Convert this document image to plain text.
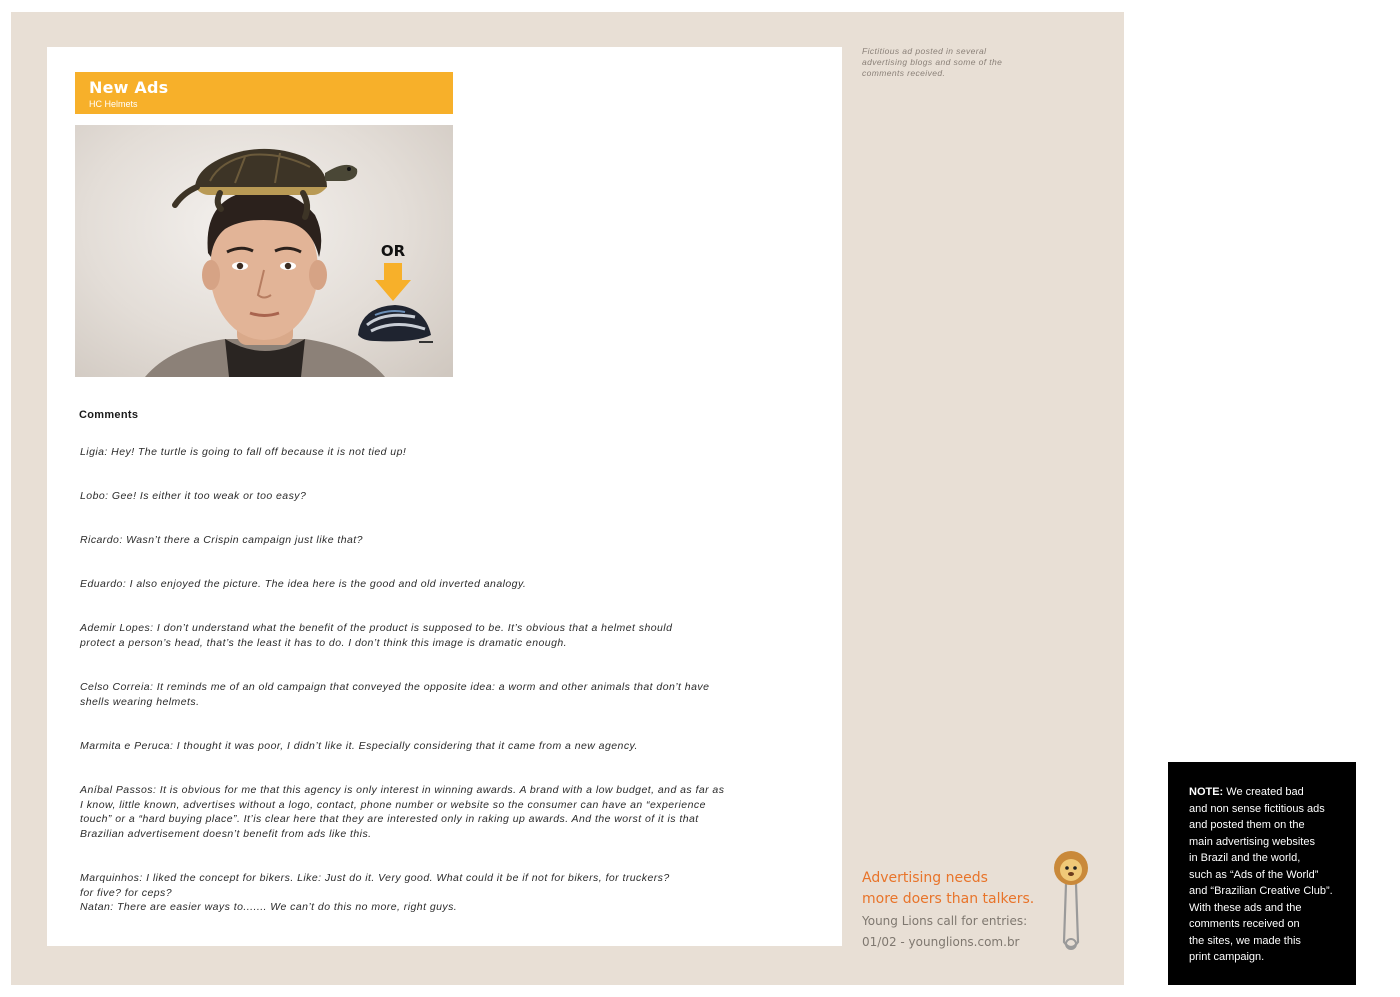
New Ads
HC Helmets
OR
Comments

Ligia: Hey! The turtle is going to fall off because it is not tied up!

Lobo: Gee! Is either it too weak or too easy?

Ricardo: Wasn’t there a Crispin campaign just like that?

Eduardo: I also enjoyed the picture. The idea here is the good and old inverted analogy.

Ademir Lopes: I don’t understand what the benefit of the product is supposed to be. It’s obvious that a helmet should protect a person’s head, that’s the least it has to do. I don’t think this image is dramatic enough.

Celso Correia: It reminds me of an old campaign that conveyed the opposite idea: a worm and other animals that don’t have shells wearing helmets.

Marmita e Peruca: I thought it was poor, I didn’t like it. Especially considering that it came from a new agency.

Aníbal Passos: It is obvious for me that this agency is only interest in winning awards. A brand with a low budget, and as far as I know, little known, advertises without a logo, contact, phone number or website so the consumer can have an “experience touch” or a “hard buying place”. It’is clear here that they are interested only in raking up awards. And the worst of it is that Brazilian advertisement doesn’t benefit from ads like this.

Marquinhos: I liked the concept for bikers. Like: Just do it. Very good. What could it be if not for bikers, for truckers? for five? for ceps?

Natan: There are easier ways to....... We can’t do this no more, right guys.

Fictitious ad posted in several advertising blogs and some of the comments received.
Advertising needs
more doers than talkers.
Young Lions call for entries:
01/02 - younglions.com.br
NOTE: We created bad
and non sense fictitious ads
and posted them on the
main advertising websites
in Brazil and the world,
such as “Ads of the World”
and “Brazilian Creative Club”.
With these ads and the
comments received on
the sites, we made this
print campaign.
